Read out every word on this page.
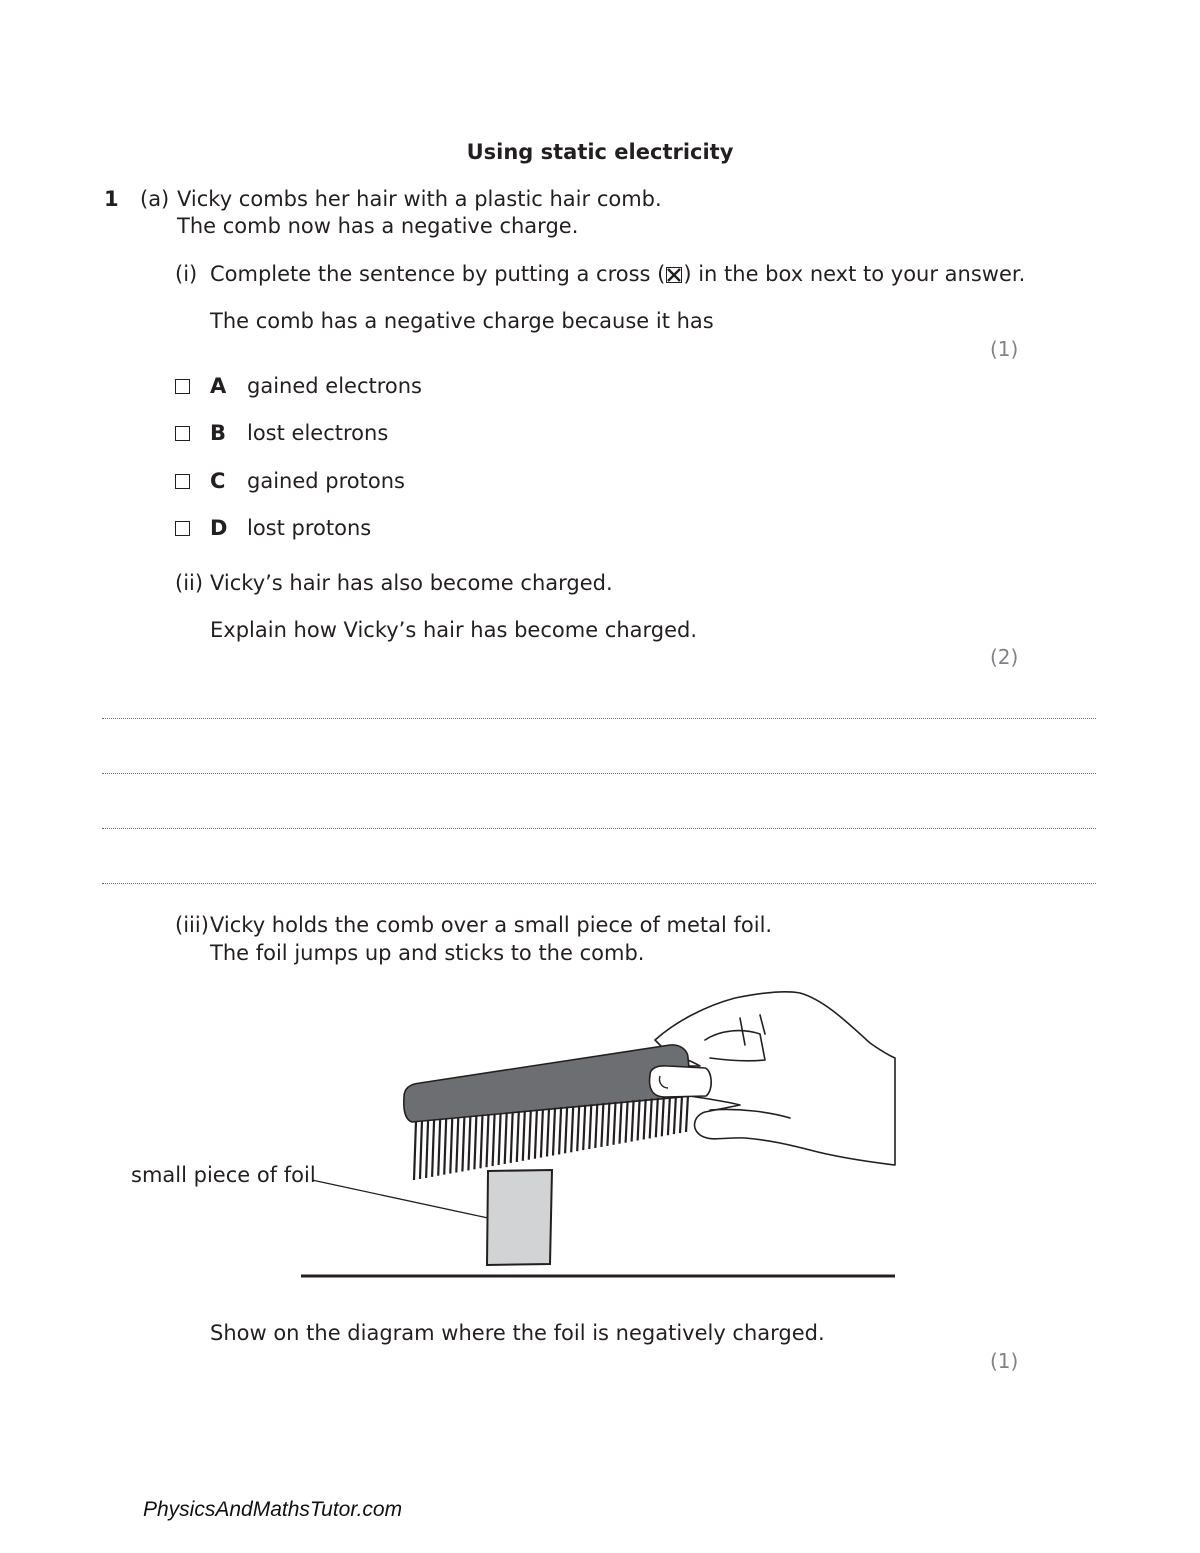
Using static electricity
1 (a) Vicky combs her hair with a plastic hair comb.
The comb now has a negative charge.
(i) Complete the sentence by putting a cross (☒) in the box next to your answer.
The comb has a negative charge because it has
(1)
A gained electrons
B lost electrons
C gained protons
D lost protons
(ii) Vicky’s hair has also become charged.
Explain how Vicky’s hair has become charged.
(2)
(iii) Vicky holds the comb over a small piece of metal foil.
The foil jumps up and sticks to the comb.
small piece of foil
Show on the diagram where the foil is negatively charged.
(1)
PhysicsAndMathsTutor.com
